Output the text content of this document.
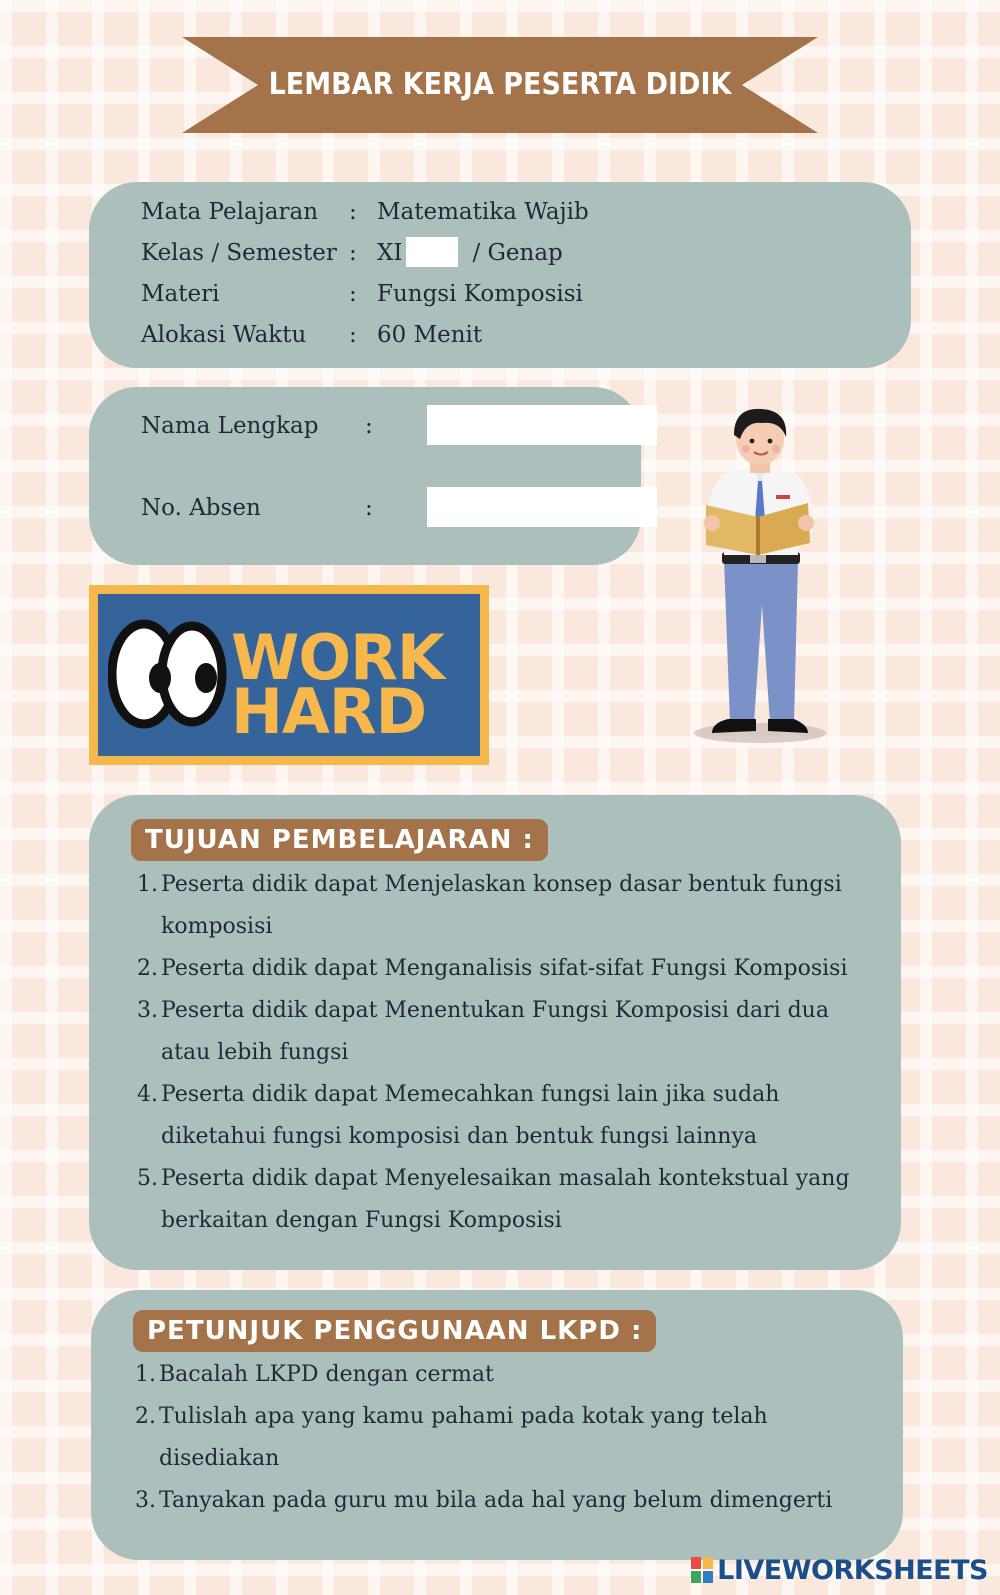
LEMBAR KERJA PESERTA DIDIK
Mata Pelajaran	: Matematika Wajib
Kelas / Semester : XI	/ Genap
Materi	: Fungsi Komposisi
Alokasi Waktu	: 60 Menit
Nama Lengkap :
No. Absen	:
WORK
HARD
TUJUAN PEMBELAJARAN :
1. Peserta didik dapat Menjelaskan konsep dasar bentuk fungsi
komposisi
2. Peserta didik dapat Menganalisis sifat-sifat Fungsi Komposisi
3. Peserta didik dapat Menentukan Fungsi Komposisi dari dua
atau lebih fungsi
4. Peserta didik dapat Memecahkan fungsi lain jika sudah
diketahui fungsi komposisi dan bentuk fungsi lainnya
5. Peserta didik dapat Menyelesaikan masalah kontekstual yang
berkaitan dengan Fungsi Komposisi
PETUNJUK PENGGUNAAN LKPD :
1. Bacalah LKPD dengan cermat
2. Tulislah apa yang kamu pahami pada kotak yang telah
disediakan
3. Tanyakan pada guru mu bila ada hal yang belum dimengerti
LIVEWORKSHEETS
